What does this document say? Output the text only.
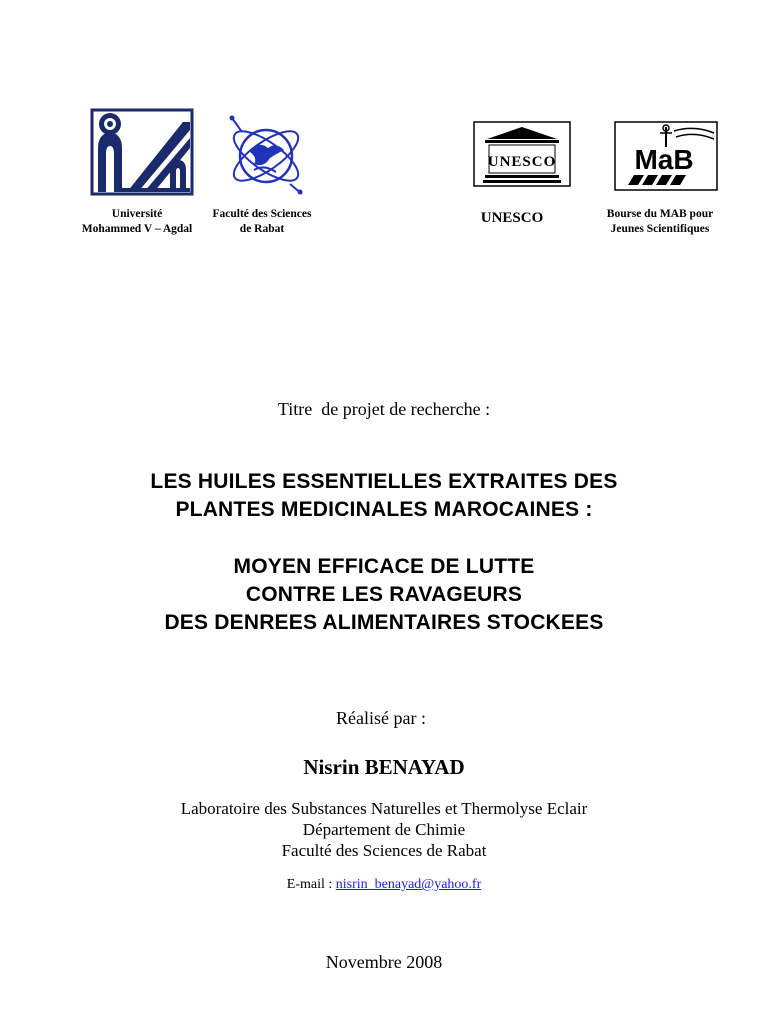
UNESCO	MaB
Université
Mohammed V – Agdal
Faculté des Sciences
de Rabat
UNESCO	Bourse du MAB pour
Jeunes Scientifiques
Titre  de projet de recherche :
LES HUILES ESSENTIELLES EXTRAITES DES
PLANTES MEDICINALES MAROCAINES :
MOYEN EFFICACE DE LUTTE
CONTRE LES RAVAGEURS
DES DENREES ALIMENTAIRES STOCKEES
Réalisé par :
Nisrin BENAYAD
Laboratoire des Substances Naturelles et Thermolyse Eclair
Département de Chimie
Faculté des Sciences de Rabat
E-mail : nisrin_benayad@yahoo.fr
Novembre 2008
